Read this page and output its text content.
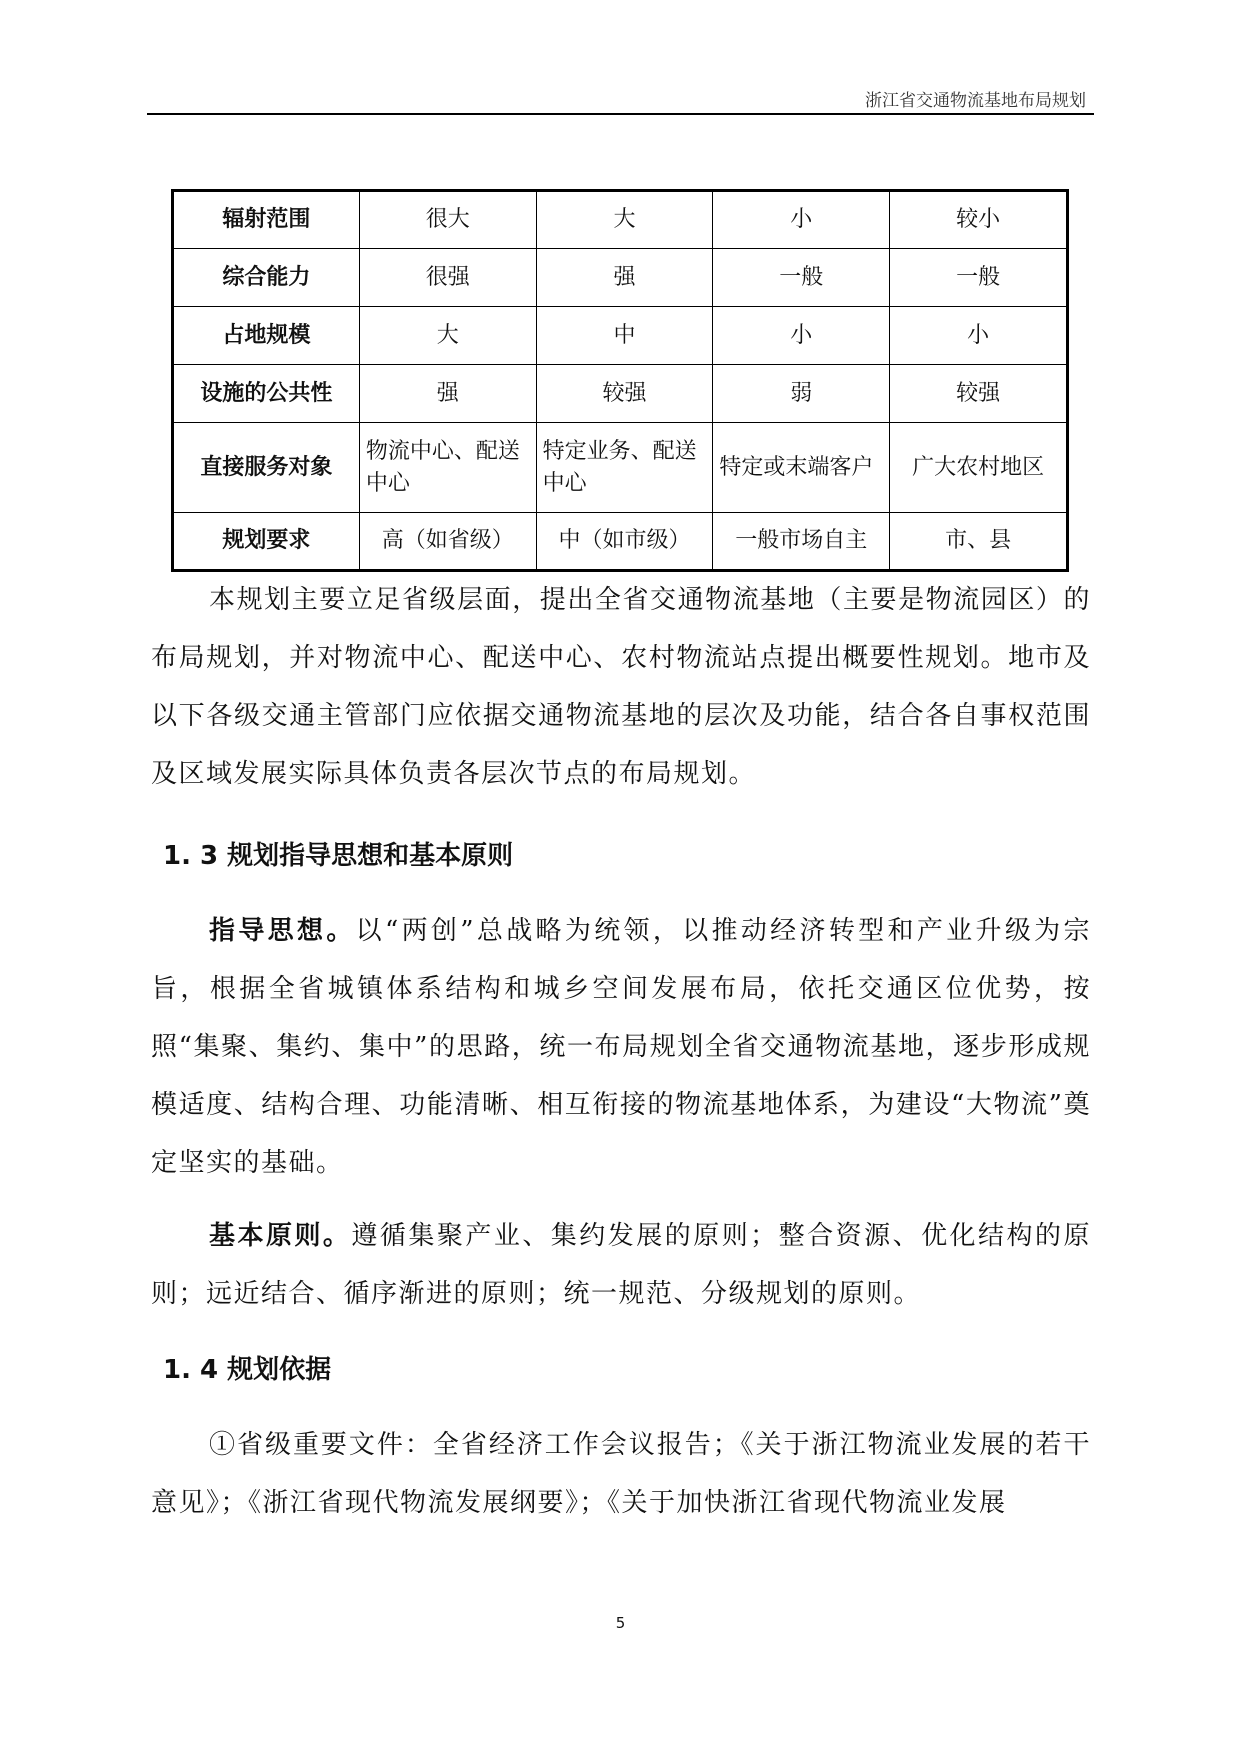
浙江省交通物流基地布局规划
辐射范围	很大	大	小	较小
综合能力	很强	强	一般	一般
占地规模	大	中	小	小
设施的公共性	强	较强	弱	较强
直接服务对象	物流中心、配送中心	特定业务、配送中心	特定或末端客户	广大农村地区
规划要求	高（如省级）	中（如市级）	一般市场自主	市、县

本规划主要立足省级层面，提出全省交通物流基地（主要是物流园区）的布局规划，并对物流中心、配送中心、农村物流站点提出概要性规划。地市及以下各级交通主管部门应依据交通物流基地的层次及功能，结合各自事权范围及区域发展实际具体负责各层次节点的布局规划。

1. 3 规划指导思想和基本原则

指导思想。以“两创”总战略为统领，以推动经济转型和产业升级为宗旨，根据全省城镇体系结构和城乡空间发展布局，依托交通区位优势，按照“集聚、集约、集中”的思路，统一布局规划全省交通物流基地，逐步形成规模适度、结构合理、功能清晰、相互衔接的物流基地体系，为建设“大物流”奠定坚实的基础。

基本原则。遵循集聚产业、集约发展的原则；整合资源、优化结构的原则；远近结合、循序渐进的原则；统一规范、分级规划的原则。

1. 4 规划依据

①省级重要文件：全省经济工作会议报告；《关于浙江物流业发展的若干意见》；《浙江省现代物流发展纲要》；《关于加快浙江省现代物流业发展

5
